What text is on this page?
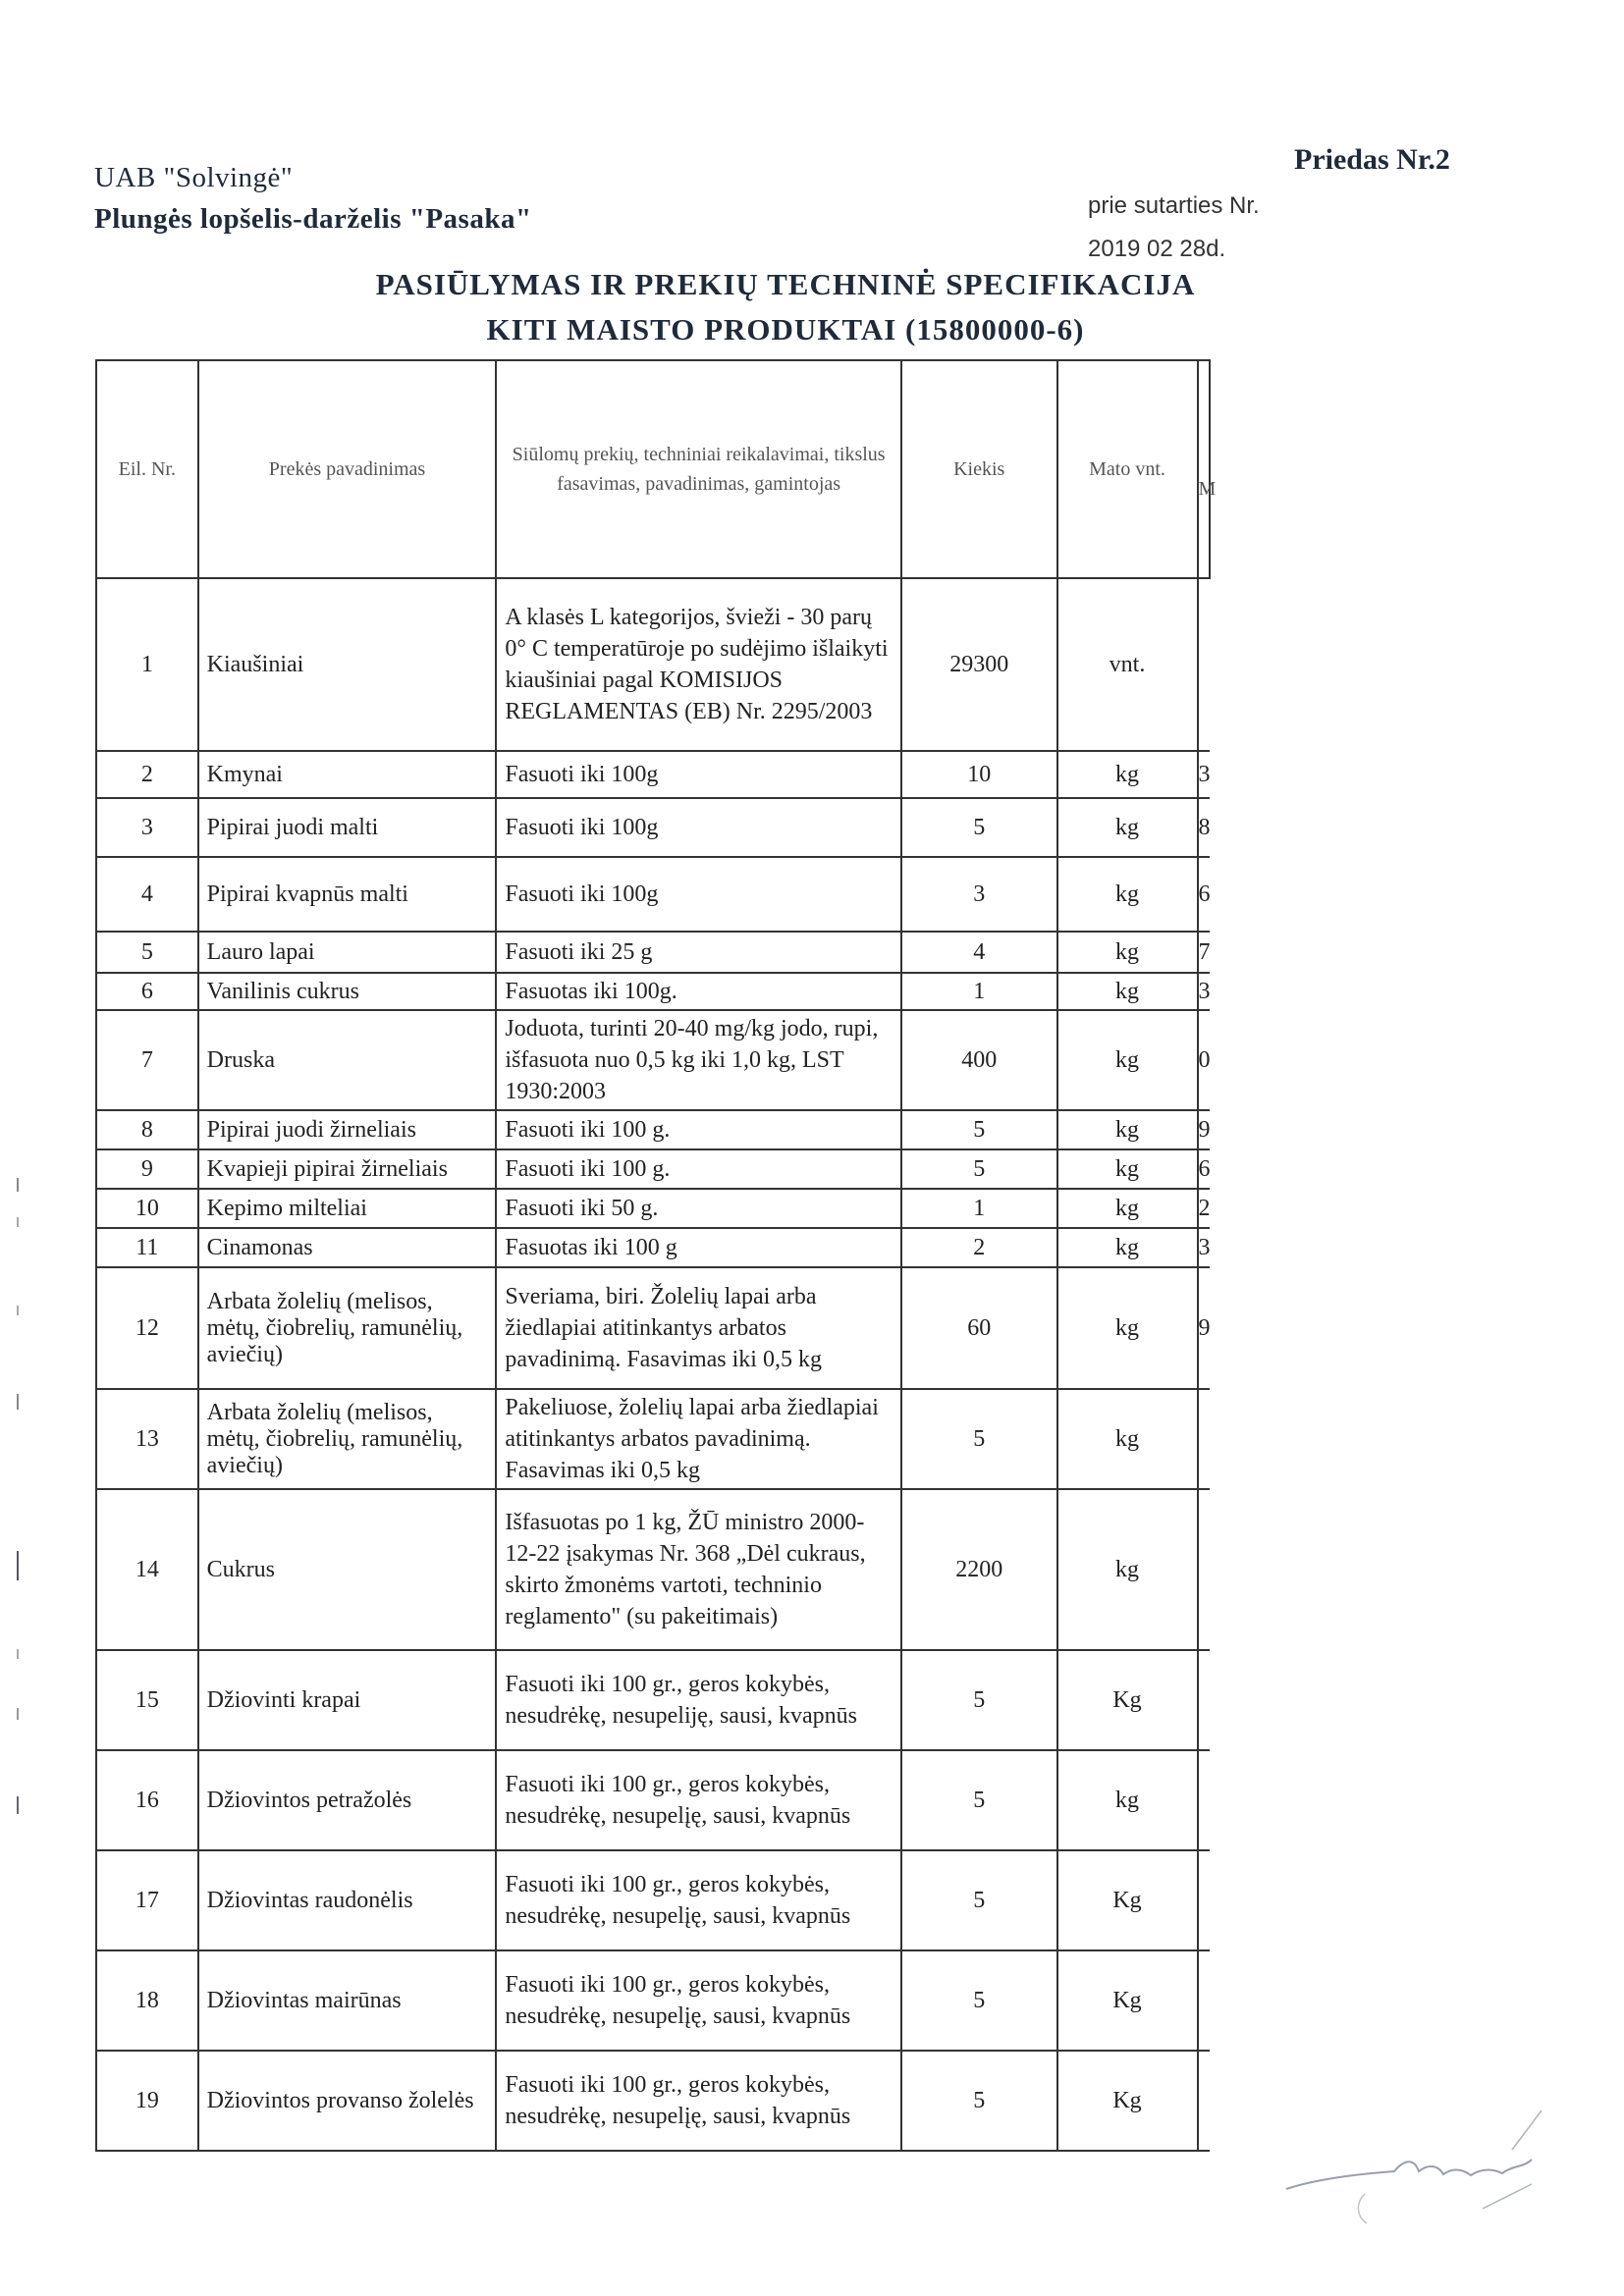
UAB "Solvingė"
Plungės lopšelis-darželis "Pasaka"
Priedas Nr.2
prie sutarties Nr.
2019 02 28d.
PASIŪLYMAS IR PREKIŲ TECHNINĖ SPECIFIKACIJA
KITI MAISTO PRODUKTAI (15800000-6)
Eil. Nr.	Prekės pavadinimas	Siūlomų prekių, techniniai reikalavimai, tikslus fasavimas, pavadinimas, gamintojas	Kiekis	Mato vnt.	M
1	Kiaušiniai	A klasės L kategorijos, švieži - 30 parų 0° C temperatūroje po sudėjimo išlaikyti kiaušiniai pagal KOMISIJOS REGLAMENTAS (EB) Nr. 2295/2003	29300	vnt.	
2	Kmynai	Fasuoti iki 100g	10	kg	3
3	Pipirai juodi malti	Fasuoti iki 100g	5	kg	8
4	Pipirai kvapnūs malti	Fasuoti iki 100g	3	kg	6
5	Lauro lapai	Fasuoti iki 25 g	4	kg	7
6	Vanilinis cukrus	Fasuotas iki 100g.	1	kg	3
7	Druska	Joduota, turinti 20-40 mg/kg jodo, rupi, išfasuota nuo 0,5 kg iki 1,0 kg, LST 1930:2003	400	kg	0
8	Pipirai juodi žirneliais	Fasuoti iki 100 g.	5	kg	9
9	Kvapieji pipirai žirneliais	Fasuoti iki 100 g.	5	kg	6
10	Kepimo milteliai	Fasuoti iki 50 g.	1	kg	2
11	Cinamonas	Fasuotas iki 100 g	2	kg	3
12	Arbata žolelių (melisos, mėtų, čiobrelių, ramunėlių, aviečių)	Sveriama, biri. Žolelių lapai arba žiedlapiai atitinkantys arbatos pavadinimą. Fasavimas iki 0,5 kg	60	kg	9
13	Arbata žolelių (melisos, mėtų, čiobrelių, ramunėlių, aviečių)	Pakeliuose, žolelių lapai arba žiedlapiai atitinkantys arbatos pavadinimą. Fasavimas iki 0,5 kg	5	kg	
14	Cukrus	Išfasuotas po 1 kg, ŽŪ ministro 2000-12-22 įsakymas Nr. 368 „Dėl cukraus, skirto žmonėms vartoti, techninio reglamento" (su pakeitimais)	2200	kg	
15	Džiovinti krapai	Fasuoti iki 100 gr., geros kokybės, nesudrėkę, nesupeliję, sausi, kvapnūs	5	Kg	
16	Džiovintos petražolės	Fasuoti iki 100 gr., geros kokybės, nesudrėkę, nesupelįę, sausi, kvapnūs	5	kg	
17	Džiovintas raudonėlis	Fasuoti iki 100 gr., geros kokybės, nesudrėkę, nesupelįę, sausi, kvapnūs	5	Kg	
18	Džiovintas mairūnas	Fasuoti iki 100 gr., geros kokybės, nesudrėkę, nesupelįę, sausi, kvapnūs	5	Kg	
19	Džiovintos provanso žolelės	Fasuoti iki 100 gr., geros kokybės, nesudrėkę, nesupelįę, sausi, kvapnūs	5	Kg	
